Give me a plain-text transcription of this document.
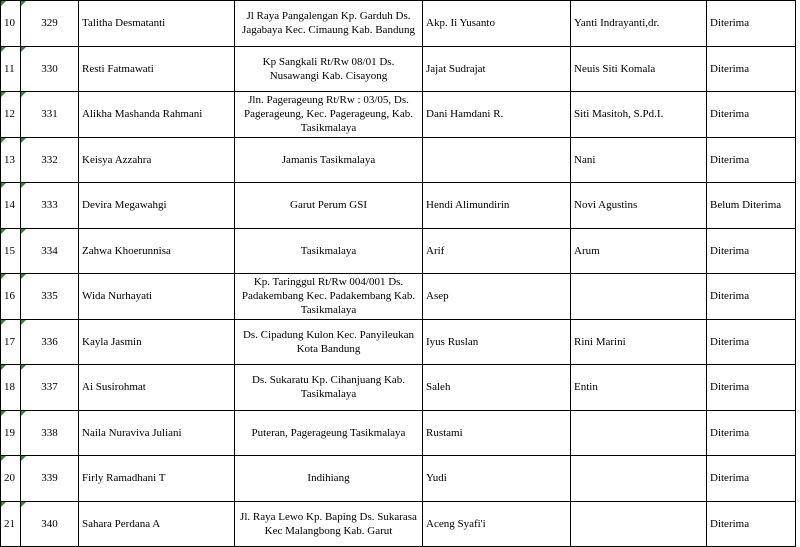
10	329	Talitha Desmatanti	Jl Raya Pangalengan Kp. Garduh Ds. Jagabaya Kec. Cimaung Kab. Bandung	Akp. Ii Yusanto	Yanti Indrayanti,dr.	Diterima

11	330	Resti Fatmawati	Kp Sangkali Rt/Rw 08/01 Ds. Nusawangi Kab. Cisayong	Jajat Sudrajat	Neuis Siti Komala	Diterima

12	331	Alikha Mashanda Rahmani	Jln. Pagerageung Rt/Rw : 03/05, Ds. Pagerageung, Kec. Pagerageung, Kab. Tasikmalaya	Dani Hamdani R.	Siti Masitoh, S.Pd.I.	Diterima

13	332	Keisya Azzahra	Jamanis Tasikmalaya		Nani	Diterima

14	333	Devira Megawahgi	Garut Perum GSI	Hendi Alimundirin	Novi Agustins	Belum Diterima

15	334	Zahwa Khoerunnisa	Tasikmalaya	Arif	Arum	Diterima

16	335	Wida Nurhayati	Kp. Taringgul Rt/Rw 004/001 Ds. Padakembang Kec. Padakembang Kab. Tasikmalaya	Asep		Diterima

17	336	Kayla Jasmin	Ds. Cipadung Kulon Kec. Panyileukan Kota Bandung	Iyus Ruslan	Rini Marini	Diterima

18	337	Ai Susirohmat	Ds. Sukaratu Kp. Cihanjuang Kab. Tasikmalaya	Saleh	Entin	Diterima

19	338	Naila Nuraviva Juliani	Puteran, Pagerageung Tasikmalaya	Rustami		Diterima

20	339	Firly Ramadhani T	Indihiang	Yudi		Diterima

21	340	Sahara Perdana A	Jl. Raya Lewo Kp. Baping Ds. Sukarasa Kec Malangbong Kab. Garut	Aceng Syafi'i		Diterima
